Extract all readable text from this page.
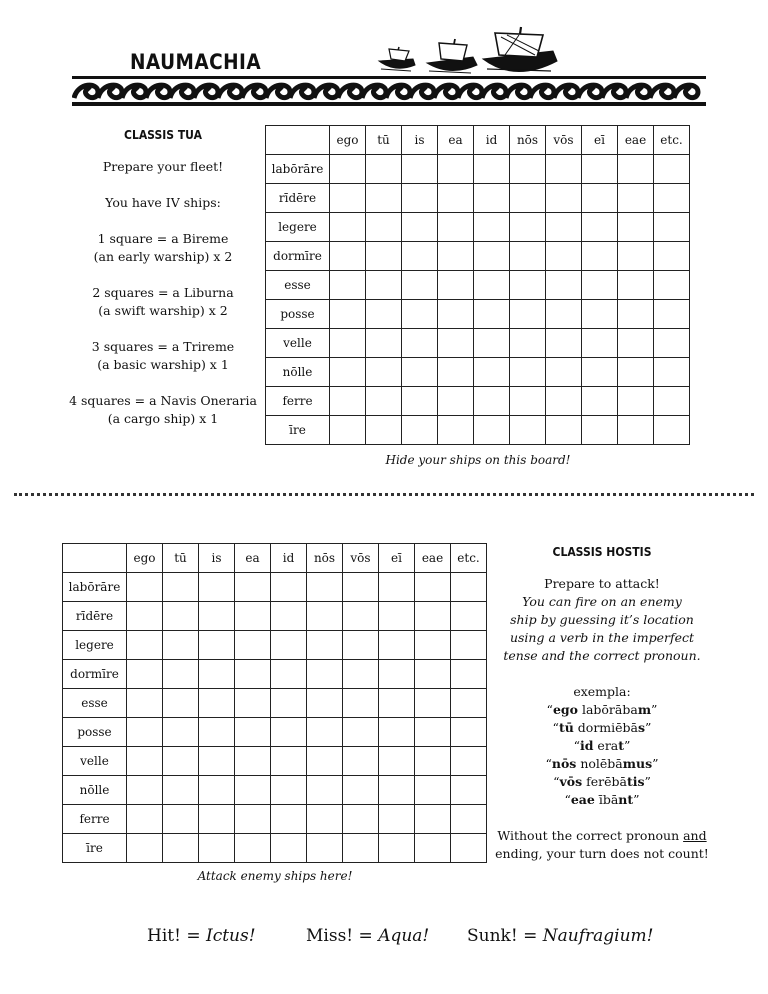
NAUMACHIA
CLASSIS TUA

Prepare your fleet!

You have IV ships:

1 square = a Bireme
(an early warship) x 2

2 squares = a Liburna
(a swift warship) x 2

3 squares = a Trireme
(a basic warship) x 1

4 squares = a Navis Oneraria
(a cargo ship) x 1

	ego	tū	is	ea	id	nōs	vōs	eī	eae	etc.
labōrāre										
rīdēre										
legere										
dormīre										
esse										
posse										
velle										
nōlle										
ferre										
īre										
Hide your ships on this board!
	ego	tū	is	ea	id	nōs	vōs	eī	eae	etc.
labōrāre										
rīdēre										
legere										
dormīre										
esse										
posse										
velle										
nōlle										
ferre										
īre										
Attack enemy ships here!
CLASSIS HOSTIS
Prepare to attack!
You can fire on an enemy
ship by guessing it’s location
using a verb in the imperfect
tense and the correct pronoun.
exempla:
“ego labōrābam”
“tū dormiēbās”
“id erat”
“nōs nolēbāmus”
“vōs ferēbātis”
“eae ībānt”
Without the correct pronoun and
ending, your turn does not count!
Hit! = Ictus!	Miss! = Aqua! Sunk! = Naufragium!
